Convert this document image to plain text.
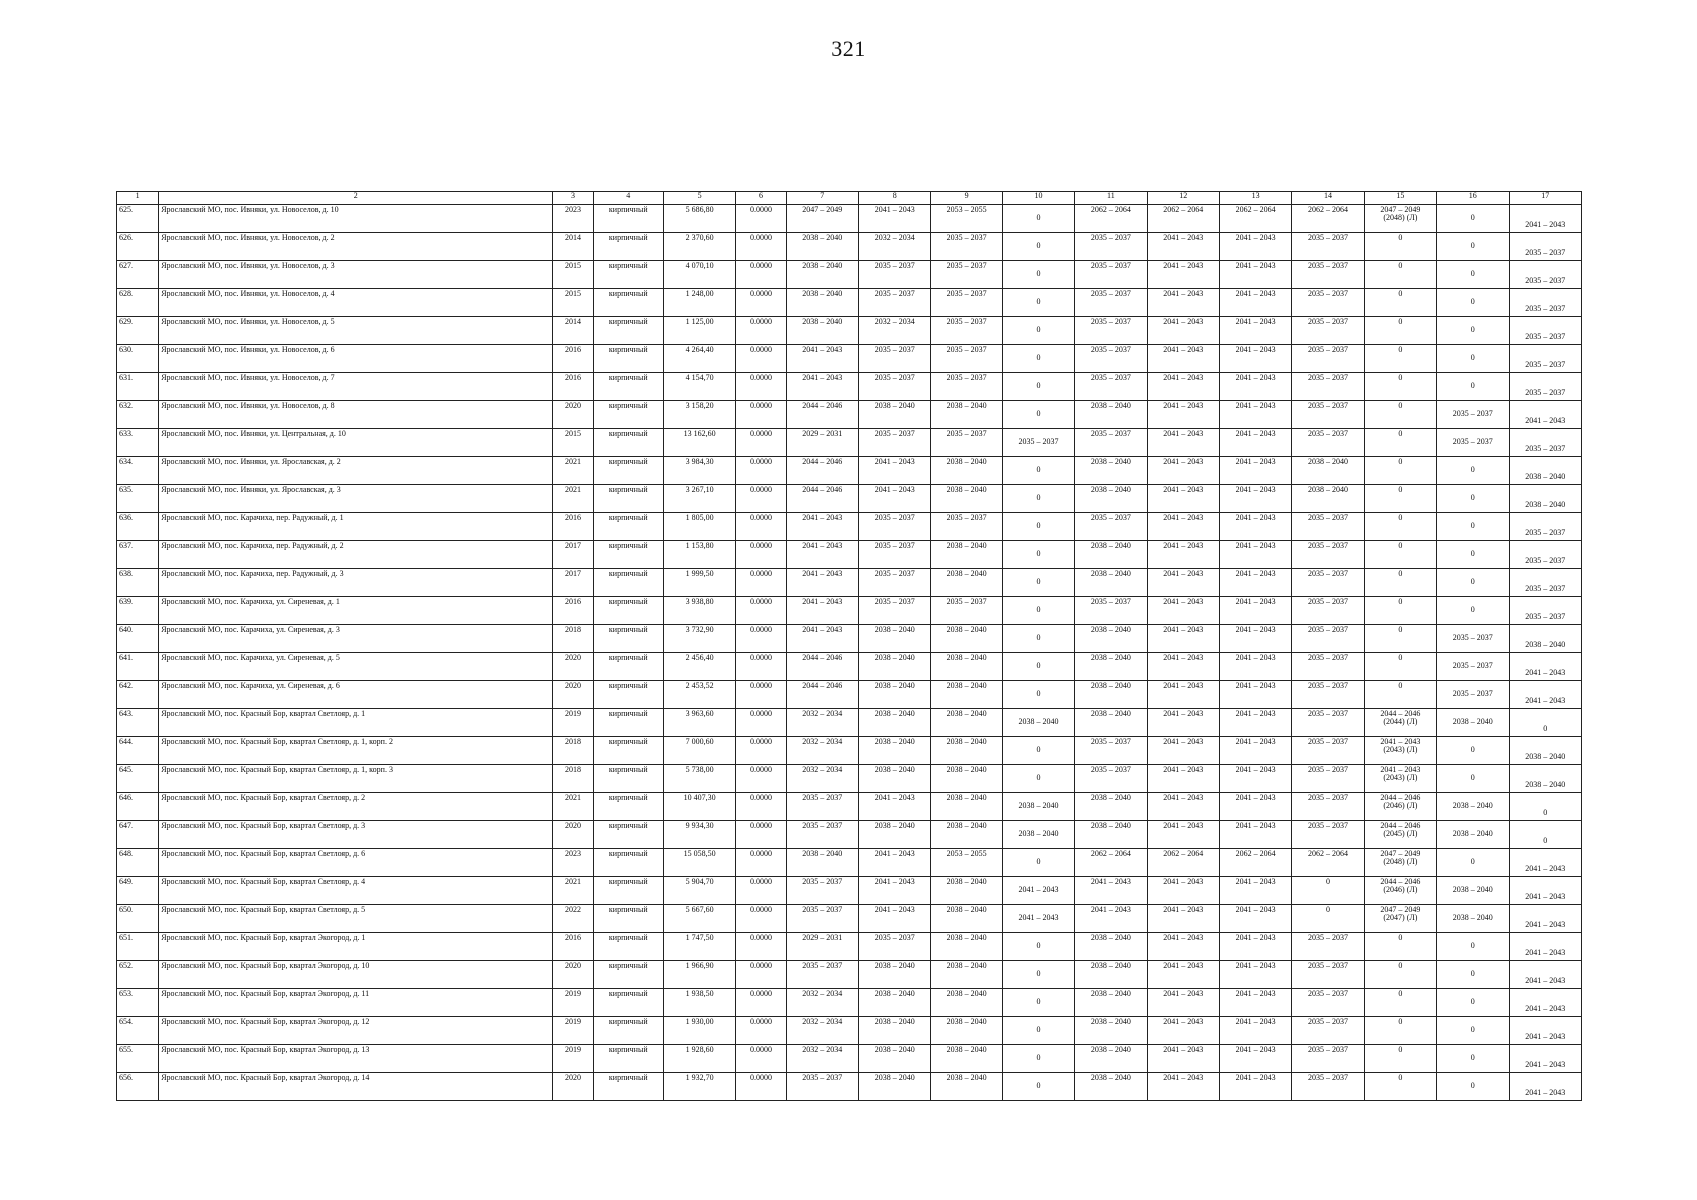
321
1	2	3	4	5	6	7	8	9	10	11	12	13	14	15	16	17
625.	Ярославский МО, пос. Ивняки, ул. Новоселов, д. 10	2023	кирпичный	5 686,80	0.0000	2047 – 2049	2041 – 2043	2053 – 2055	0	2062 – 2064	2062 – 2064	2062 – 2064	2062 – 2064	2047 – 2049
(2048) (Л)	0	2041 – 2043
626.	Ярославский МО, пос. Ивняки, ул. Новоселов, д. 2	2014	кирпичный	2 370,60	0.0000	2038 – 2040	2032 – 2034	2035 – 2037	0	2035 – 2037	2041 – 2043	2041 – 2043	2035 – 2037	0	0	2035 – 2037
627.	Ярославский МО, пос. Ивняки, ул. Новоселов, д. 3	2015	кирпичный	4 070,10	0.0000	2038 – 2040	2035 – 2037	2035 – 2037	0	2035 – 2037	2041 – 2043	2041 – 2043	2035 – 2037	0	0	2035 – 2037
628.	Ярославский МО, пос. Ивняки, ул. Новоселов, д. 4	2015	кирпичный	1 248,00	0.0000	2038 – 2040	2035 – 2037	2035 – 2037	0	2035 – 2037	2041 – 2043	2041 – 2043	2035 – 2037	0	0	2035 – 2037
629.	Ярославский МО, пос. Ивняки, ул. Новоселов, д. 5	2014	кирпичный	1 125,00	0.0000	2038 – 2040	2032 – 2034	2035 – 2037	0	2035 – 2037	2041 – 2043	2041 – 2043	2035 – 2037	0	0	2035 – 2037
630.	Ярославский МО, пос. Ивняки, ул. Новоселов, д. 6	2016	кирпичный	4 264,40	0.0000	2041 – 2043	2035 – 2037	2035 – 2037	0	2035 – 2037	2041 – 2043	2041 – 2043	2035 – 2037	0	0	2035 – 2037
631.	Ярославский МО, пос. Ивняки, ул. Новоселов, д. 7	2016	кирпичный	4 154,70	0.0000	2041 – 2043	2035 – 2037	2035 – 2037	0	2035 – 2037	2041 – 2043	2041 – 2043	2035 – 2037	0	0	2035 – 2037
632.	Ярославский МО, пос. Ивняки, ул. Новоселов, д. 8	2020	кирпичный	3 158,20	0.0000	2044 – 2046	2038 – 2040	2038 – 2040	0	2038 – 2040	2041 – 2043	2041 – 2043	2035 – 2037	0	2035 – 2037	2041 – 2043
633.	Ярославский МО, пос. Ивняки, ул. Центральная, д. 10	2015	кирпичный	13 162,60	0.0000	2029 – 2031	2035 – 2037	2035 – 2037	2035 – 2037	2035 – 2037	2041 – 2043	2041 – 2043	2035 – 2037	0	2035 – 2037	2035 – 2037
634.	Ярославский МО, пос. Ивняки, ул. Ярославская, д. 2	2021	кирпичный	3 984,30	0.0000	2044 – 2046	2041 – 2043	2038 – 2040	0	2038 – 2040	2041 – 2043	2041 – 2043	2038 – 2040	0	0	2038 – 2040
635.	Ярославский МО, пос. Ивняки, ул. Ярославская, д. 3	2021	кирпичный	3 267,10	0.0000	2044 – 2046	2041 – 2043	2038 – 2040	0	2038 – 2040	2041 – 2043	2041 – 2043	2038 – 2040	0	0	2038 – 2040
636.	Ярославский МО, пос. Карачиха, пер. Радужный, д. 1	2016	кирпичный	1 805,00	0.0000	2041 – 2043	2035 – 2037	2035 – 2037	0	2035 – 2037	2041 – 2043	2041 – 2043	2035 – 2037	0	0	2035 – 2037
637.	Ярославский МО, пос. Карачиха, пер. Радужный, д. 2	2017	кирпичный	1 153,80	0.0000	2041 – 2043	2035 – 2037	2038 – 2040	0	2038 – 2040	2041 – 2043	2041 – 2043	2035 – 2037	0	0	2035 – 2037
638.	Ярославский МО, пос. Карачиха, пер. Радужный, д. 3	2017	кирпичный	1 999,50	0.0000	2041 – 2043	2035 – 2037	2038 – 2040	0	2038 – 2040	2041 – 2043	2041 – 2043	2035 – 2037	0	0	2035 – 2037
639.	Ярославский МО, пос. Карачиха, ул. Сиреневая, д. 1	2016	кирпичный	3 938,80	0.0000	2041 – 2043	2035 – 2037	2035 – 2037	0	2035 – 2037	2041 – 2043	2041 – 2043	2035 – 2037	0	0	2035 – 2037
640.	Ярославский МО, пос. Карачиха, ул. Сиреневая, д. 3	2018	кирпичный	3 732,90	0.0000	2041 – 2043	2038 – 2040	2038 – 2040	0	2038 – 2040	2041 – 2043	2041 – 2043	2035 – 2037	0	2035 – 2037	2038 – 2040
641.	Ярославский МО, пос. Карачиха, ул. Сиреневая, д. 5	2020	кирпичный	2 456,40	0.0000	2044 – 2046	2038 – 2040	2038 – 2040	0	2038 – 2040	2041 – 2043	2041 – 2043	2035 – 2037	0	2035 – 2037	2041 – 2043
642.	Ярославский МО, пос. Карачиха, ул. Сиреневая, д. 6	2020	кирпичный	2 453,52	0.0000	2044 – 2046	2038 – 2040	2038 – 2040	0	2038 – 2040	2041 – 2043	2041 – 2043	2035 – 2037	0	2035 – 2037	2041 – 2043
643.	Ярославский МО, пос. Красный Бор, квартал Светлояр, д. 1	2019	кирпичный	3 963,60	0.0000	2032 – 2034	2038 – 2040	2038 – 2040	2038 – 2040	2038 – 2040	2041 – 2043	2041 – 2043	2035 – 2037	2044 – 2046
(2044) (Л)	2038 – 2040	0
644.	Ярославский МО, пос. Красный Бор, квартал Светлояр, д. 1, корп. 2	2018	кирпичный	7 000,60	0.0000	2032 – 2034	2038 – 2040	2038 – 2040	0	2035 – 2037	2041 – 2043	2041 – 2043	2035 – 2037	2041 – 2043
(2043) (Л)	0	2038 – 2040
645.	Ярославский МО, пос. Красный Бор, квартал Светлояр, д. 1, корп. 3	2018	кирпичный	5 738,00	0.0000	2032 – 2034	2038 – 2040	2038 – 2040	0	2035 – 2037	2041 – 2043	2041 – 2043	2035 – 2037	2041 – 2043
(2043) (Л)	0	2038 – 2040
646.	Ярославский МО, пос. Красный Бор, квартал Светлояр, д. 2	2021	кирпичный	10 407,30	0.0000	2035 – 2037	2041 – 2043	2038 – 2040	2038 – 2040	2038 – 2040	2041 – 2043	2041 – 2043	2035 – 2037	2044 – 2046
(2046) (Л)	2038 – 2040	0
647.	Ярославский МО, пос. Красный Бор, квартал Светлояр, д. 3	2020	кирпичный	9 934,30	0.0000	2035 – 2037	2038 – 2040	2038 – 2040	2038 – 2040	2038 – 2040	2041 – 2043	2041 – 2043	2035 – 2037	2044 – 2046
(2045) (Л)	2038 – 2040	0
648.	Ярославский МО, пос. Красный Бор, квартал Светлояр, д. 6	2023	кирпичный	15 058,50	0.0000	2038 – 2040	2041 – 2043	2053 – 2055	0	2062 – 2064	2062 – 2064	2062 – 2064	2062 – 2064	2047 – 2049
(2048) (Л)	0	2041 – 2043
649.	Ярославский МО, пос. Красный Бор, квартал Светлояр, д. 4	2021	кирпичный	5 904,70	0.0000	2035 – 2037	2041 – 2043	2038 – 2040	2041 – 2043	2041 – 2043	2041 – 2043	2041 – 2043	0	2044 – 2046
(2046) (Л)	2038 – 2040	2041 – 2043
650.	Ярославский МО, пос. Красный Бор, квартал Светлояр, д. 5	2022	кирпичный	5 667,60	0.0000	2035 – 2037	2041 – 2043	2038 – 2040	2041 – 2043	2041 – 2043	2041 – 2043	2041 – 2043	0	2047 – 2049
(2047) (Л)	2038 – 2040	2041 – 2043
651.	Ярославский МО, пос. Красный Бор, квартал Экогород, д. 1	2016	кирпичный	1 747,50	0.0000	2029 – 2031	2035 – 2037	2038 – 2040	0	2038 – 2040	2041 – 2043	2041 – 2043	2035 – 2037	0	0	2041 – 2043
652.	Ярославский МО, пос. Красный Бор, квартал Экогород, д. 10	2020	кирпичный	1 966,90	0.0000	2035 – 2037	2038 – 2040	2038 – 2040	0	2038 – 2040	2041 – 2043	2041 – 2043	2035 – 2037	0	0	2041 – 2043
653.	Ярославский МО, пос. Красный Бор, квартал Экогород, д. 11	2019	кирпичный	1 938,50	0.0000	2032 – 2034	2038 – 2040	2038 – 2040	0	2038 – 2040	2041 – 2043	2041 – 2043	2035 – 2037	0	0	2041 – 2043
654.	Ярославский МО, пос. Красный Бор, квартал Экогород, д. 12	2019	кирпичный	1 930,00	0.0000	2032 – 2034	2038 – 2040	2038 – 2040	0	2038 – 2040	2041 – 2043	2041 – 2043	2035 – 2037	0	0	2041 – 2043
655.	Ярославский МО, пос. Красный Бор, квартал Экогород, д. 13	2019	кирпичный	1 928,60	0.0000	2032 – 2034	2038 – 2040	2038 – 2040	0	2038 – 2040	2041 – 2043	2041 – 2043	2035 – 2037	0	0	2041 – 2043
656.	Ярославский МО, пос. Красный Бор, квартал Экогород, д. 14	2020	кирпичный	1 932,70	0.0000	2035 – 2037	2038 – 2040	2038 – 2040	0	2038 – 2040	2041 – 2043	2041 – 2043	2035 – 2037	0	0	2041 – 2043
